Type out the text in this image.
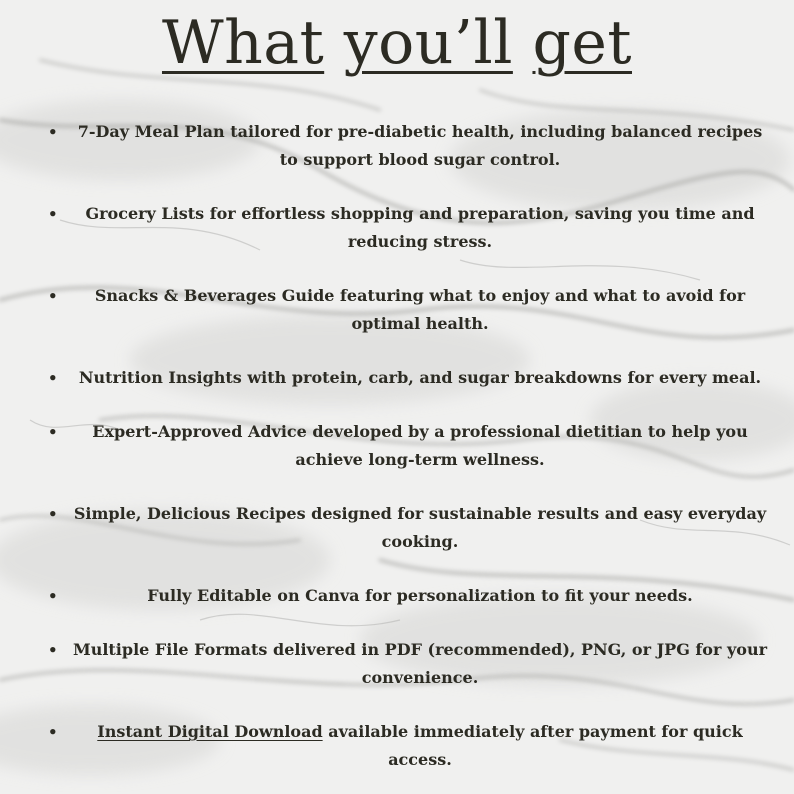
What you’ll get
• 7-Day Meal Plan tailored for pre-diabetic health, including balanced recipes to support blood sugar control.
• Grocery Lists for effortless shopping and preparation, saving you time and reducing stress.
• Snacks & Beverages Guide featuring what to enjoy and what to avoid for optimal health.
• Nutrition Insights with protein, carb, and sugar breakdowns for every meal.
• Expert-Approved Advice developed by a professional dietitian to help you achieve long-term wellness.
• Simple, Delicious Recipes designed for sustainable results and easy everyday cooking.
•	Fully Editable on Canva for personalization to fit your needs.
• Multiple File Formats delivered in PDF (recommended), PNG, or JPG for your convenience.
• Instant Digital Download available immediately after payment for quick access.
